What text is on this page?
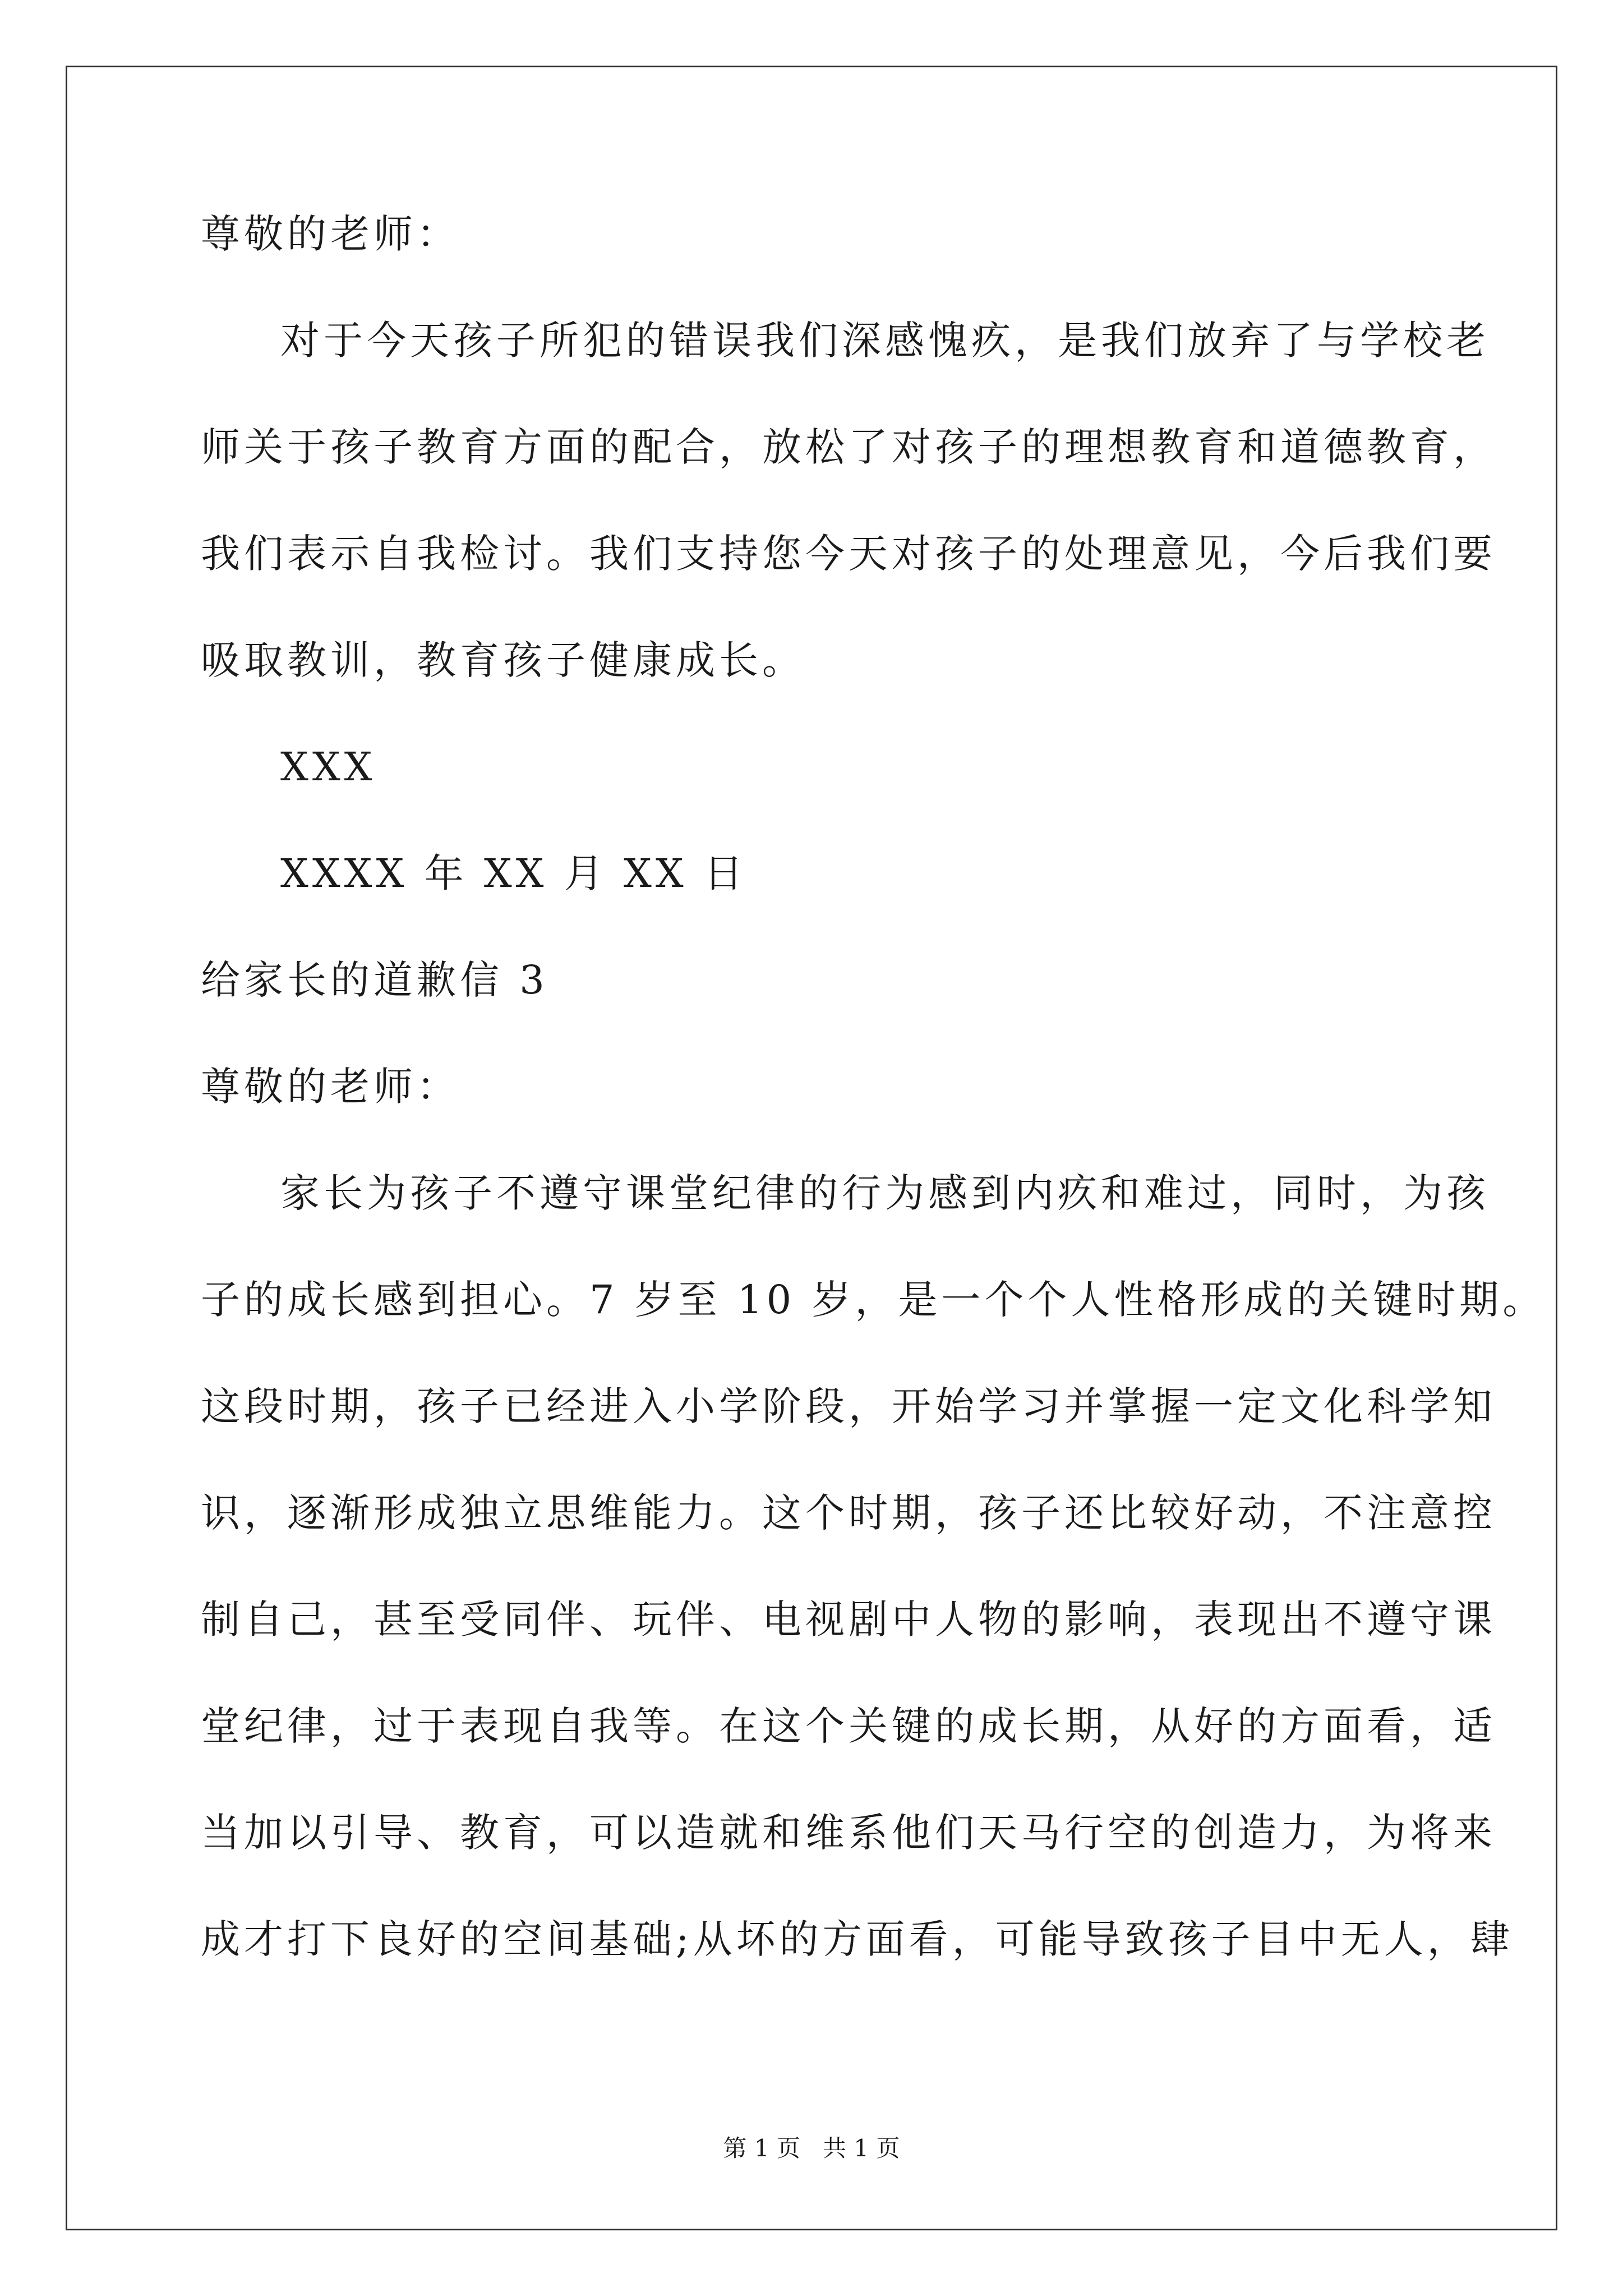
尊敬的老师：
对于今天孩子所犯的错误我们深感愧疚，是我们放弃了与学校老
师关于孩子教育方面的配合，放松了对孩子的理想教育和道德教育，
我们表示自我检讨。我们支持您今天对孩子的处理意见，今后我们要
吸取教训，教育孩子健康成长。
XXX
XXXX 年 XX 月 XX 日
给家长的道歉信 3
尊敬的老师：
家长为孩子不遵守课堂纪律的行为感到内疚和难过，同时，为孩
子的成长感到担心。7 岁至 10 岁，是一个个人性格形成的关键时期。
这段时期，孩子已经进入小学阶段，开始学习并掌握一定文化科学知
识，逐渐形成独立思维能力。这个时期，孩子还比较好动，不注意控
制自己，甚至受同伴、玩伴、电视剧中人物的影响，表现出不遵守课
堂纪律，过于表现自我等。在这个关键的成长期，从好的方面看，适
当加以引导、教育，可以造就和维系他们天马行空的创造力，为将来
成才打下良好的空间基础;从坏的方面看，可能导致孩子目中无人，肆
第 1 页   共 1 页
